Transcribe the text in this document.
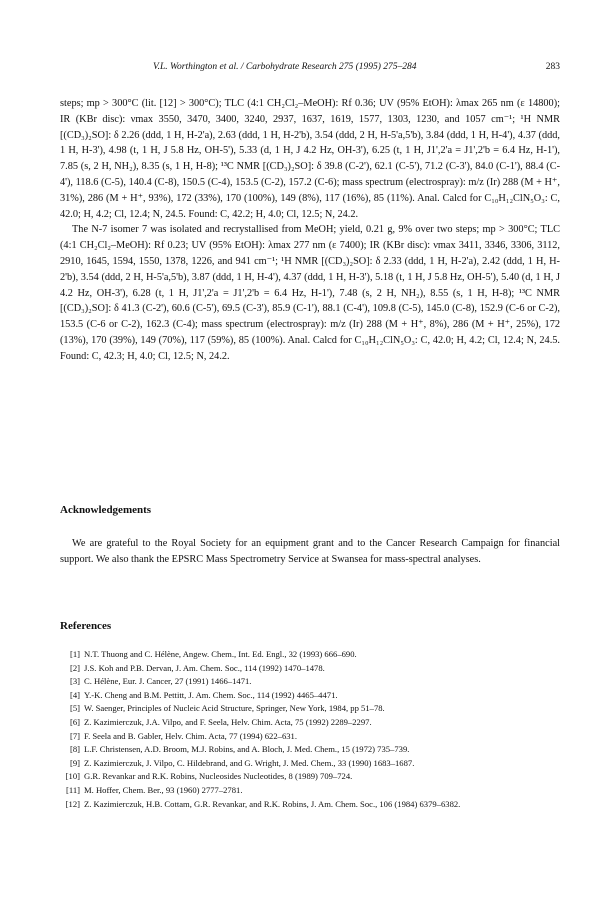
V.L. Worthington et al. / Carbohydrate Research 275 (1995) 275–284	283

steps; mp > 300°C (lit. [12] > 300°C); TLC (4:1 CH₂Cl₂–MeOH): Rf 0.36; UV (95% EtOH): λmax 265 nm (ε 14800); IR (KBr disc): νmax 3550, 3470, 3400, 3240, 2937, 1637, 1619, 1577, 1303, 1230, and 1057 cm⁻¹; ¹H NMR [(CD₃)₂SO]: δ 2.26 (ddd, 1 H, H-2'a), 2.63 (ddd, 1 H, H-2'b), 3.54 (ddd, 2 H, H-5'a,5'b), 3.84 (ddd, 1 H, H-4'), 4.37 (ddd, 1 H, H-3'), 4.98 (t, 1 H, J 5.8 Hz, OH-5'), 5.33 (d, 1 H, J 4.2 Hz, OH-3'), 6.25 (t, 1 H, J1',2'a = J1',2'b = 6.4 Hz, H-1'), 7.85 (s, 2 H, NH₂), 8.35 (s, 1 H, H-8); ¹³C NMR [(CD₃)₂SO]: δ 39.8 (C-2'), 62.1 (C-5'), 71.2 (C-3'), 84.0 (C-1'), 88.4 (C-4'), 118.6 (C-5), 140.4 (C-8), 150.5 (C-4), 153.5 (C-2), 157.2 (C-6); mass spectrum (electrospray): m/z (Ir) 288 (M + H⁺, 31%), 286 (M + H⁺, 93%), 172 (33%), 170 (100%), 149 (8%), 117 (16%), 85 (11%). Anal. Calcd for C₁₀H₁₂ClN₅O₃: C, 42.0; H, 4.2; Cl, 12.4; N, 24.5. Found: C, 42.2; H, 4.0; Cl, 12.5; N, 24.2.

The N-7 isomer 7 was isolated and recrystallised from MeOH; yield, 0.21 g, 9% over two steps; mp > 300°C; TLC (4:1 CH₂Cl₂–MeOH): Rf 0.23; UV (95% EtOH): λmax 277 nm (ε 7400); IR (KBr disc): νmax 3411, 3346, 3306, 3112, 2910, 1645, 1594, 1550, 1378, 1226, and 941 cm⁻¹; ¹H NMR [(CD₃)₂SO]: δ 2.33 (ddd, 1 H, H-2'a), 2.42 (ddd, 1 H, H-2'b), 3.54 (ddd, 2 H, H-5'a,5'b), 3.87 (ddd, 1 H, H-4'), 4.37 (ddd, 1 H, H-3'), 5.18 (t, 1 H, J 5.8 Hz, OH-5'), 5.40 (d, 1 H, J 4.2 Hz, OH-3'), 6.28 (t, 1 H, J1',2'a = J1',2'b = 6.4 Hz, H-1'), 7.48 (s, 2 H, NH₂), 8.55 (s, 1 H, H-8); ¹³C NMR [(CD₃)₂SO]: δ 41.3 (C-2'), 60.6 (C-5'), 69.5 (C-3'), 85.9 (C-1'), 88.1 (C-4'), 109.8 (C-5), 145.0 (C-8), 152.9 (C-6 or C-2), 153.5 (C-6 or C-2), 162.3 (C-4); mass spectrum (electrospray): m/z (Ir) 288 (M + H⁺, 8%), 286 (M + H⁺, 25%), 172 (13%), 170 (39%), 149 (70%), 117 (59%), 85 (100%). Anal. Calcd for C₁₀H₁₂ClN₅O₃: C, 42.0; H, 4.2; Cl, 12.4; N, 24.5. Found: C, 42.3; H, 4.0; Cl, 12.5; N, 24.2.

Acknowledgements

We are grateful to the Royal Society for an equipment grant and to the Cancer Research Campaign for financial support. We also thank the EPSRC Mass Spectrometry Service at Swansea for mass-spectral analyses.

References
[1] N.T. Thuong and C. Hélène, Angew. Chem., Int. Ed. Engl., 32 (1993) 666–690.
[2] J.S. Koh and P.B. Dervan, J. Am. Chem. Soc., 114 (1992) 1470–1478.
[3] C. Hélène, Eur. J. Cancer, 27 (1991) 1466–1471.
[4] Y.-K. Cheng and B.M. Pettitt, J. Am. Chem. Soc., 114 (1992) 4465–4471.
[5] W. Saenger, Principles of Nucleic Acid Structure, Springer, New York, 1984, pp 51–78.
[6] Z. Kazimierczuk, J.A. Vilpo, and F. Seela, Helv. Chim. Acta, 75 (1992) 2289–2297.
[7] F. Seela and B. Gabler, Helv. Chim. Acta, 77 (1994) 622–631.
[8] L.F. Christensen, A.D. Broom, M.J. Robins, and A. Bloch, J. Med. Chem., 15 (1972) 735–739.
[9] Z. Kazimierczuk, J. Vilpo, C. Hildebrand, and G. Wright, J. Med. Chem., 33 (1990) 1683–1687.
[10] G.R. Revankar and R.K. Robins, Nucleosides Nucleotides, 8 (1989) 709–724.
[11] M. Hoffer, Chem. Ber., 93 (1960) 2777–2781.
[12] Z. Kazimierczuk, H.B. Cottam, G.R. Revankar, and R.K. Robins, J. Am. Chem. Soc., 106 (1984) 6379–6382.
